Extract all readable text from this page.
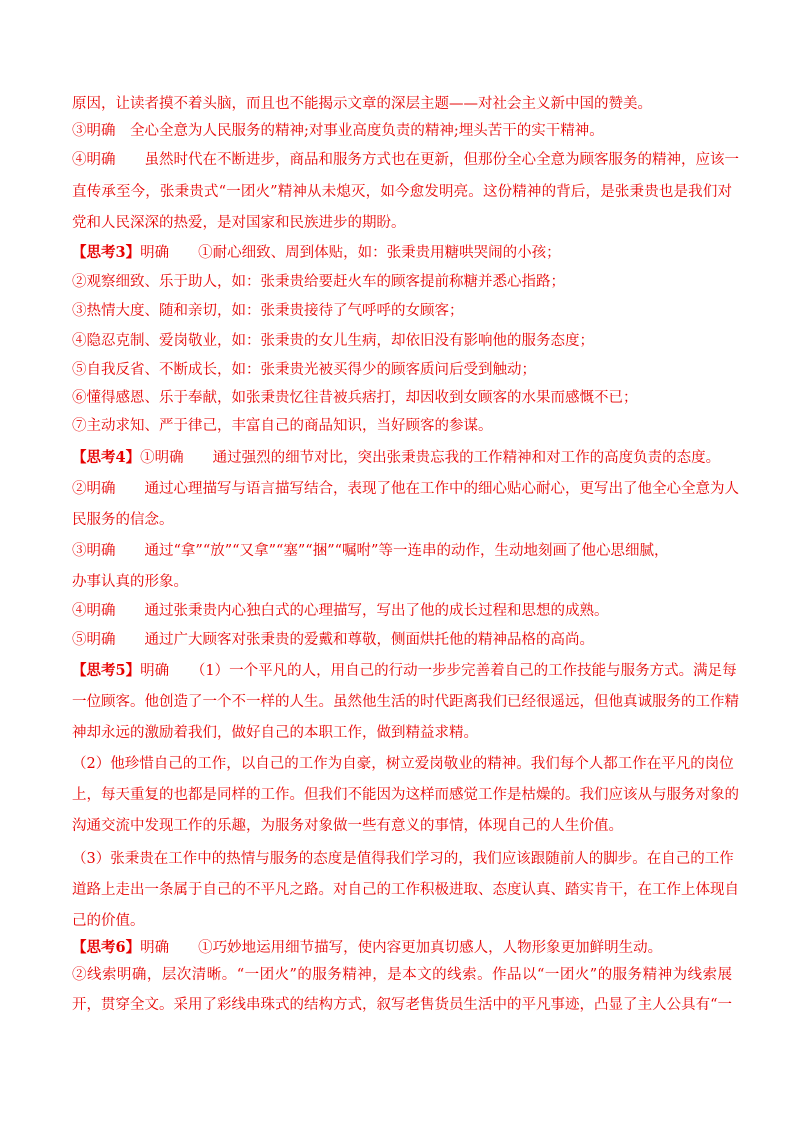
原因，让读者摸不着头脑，而且也不能揭示文章的深层主题——对社会主义新中国的赞美。
③明确　全心全意为人民服务的精神;对事业高度负责的精神;埋头苦干的实干精神。
④明确　　虽然时代在不断进步，商品和服务方式也在更新，但那份全心全意为顾客服务的精神，应该一
直传承至今，张秉贵式“一团火”精神从未熄灭，如今愈发明亮。这份精神的背后，是张秉贵也是我们对
党和人民深深的热爱，是对国家和民族进步的期盼。
【思考3】明确　　①耐心细致、周到体贴，如：张秉贵用糖哄哭闹的小孩；
②观察细致、乐于助人，如：张秉贵给要赶火车的顾客提前称糖并悉心指路；
③热情大度、随和亲切，如：张秉贵接待了气呼呼的女顾客；
④隐忍克制、爱岗敬业，如：张秉贵的女儿生病，却依旧没有影响他的服务态度；
⑤自我反省、不断成长，如：张秉贵光被买得少的顾客质问后受到触动；
⑥懂得感恩、乐于奉献，如张秉贵忆往昔被兵痞打，却因收到女顾客的水果而感慨不已；
⑦主动求知、严于律己，丰富自己的商品知识，当好顾客的参谋。
【思考4】①明确　　通过强烈的细节对比，突出张秉贵忘我的工作精神和对工作的高度负责的态度。
②明确　　通过心理描写与语言描写结合，表现了他在工作中的细心贴心耐心，更写出了他全心全意为人
民服务的信念。
③明确　　通过“拿”“放”“又拿”“塞”“捆”“嘱咐”等一连串的动作，生动地刻画了他心思细腻，
办事认真的形象。
④明确　　通过张秉贵内心独白式的心理描写，写出了他的成长过程和思想的成熟。
⑤明确　　通过广大顾客对张秉贵的爱戴和尊敬，侧面烘托他的精神品格的高尚。
【思考5】明确　　（1）一个平凡的人，用自己的行动一步步完善着自己的工作技能与服务方式。满足每
一位顾客。他创造了一个不一样的人生。虽然他生活的时代距离我们已经很遥远，但他真诚服务的工作精
神却永远的激励着我们，做好自己的本职工作，做到精益求精。
（2）他珍惜自己的工作，以自己的工作为自豪，树立爱岗敬业的精神。我们每个人都工作在平凡的岗位
上，每天重复的也都是同样的工作。但我们不能因为这样而感觉工作是枯燥的。我们应该从与服务对象的
沟通交流中发现工作的乐趣，为服务对象做一些有意义的事情，体现自己的人生价值。
（3）张秉贵在工作中的热情与服务的态度是值得我们学习的，我们应该跟随前人的脚步。在自己的工作
道路上走出一条属于自己的不平凡之路。对自己的工作积极进取、态度认真、踏实肯干，在工作上体现自
己的价值。
【思考6】明确　　①巧妙地运用细节描写，使内容更加真切感人，人物形象更加鲜明生动。
②线索明确，层次清晰。“一团火”的服务精神，是本文的线索。作品以“一团火”的服务精神为线索展
开，贯穿全文。采用了彩线串珠式的结构方式，叙写老售货员生活中的平凡事迹，凸显了主人公具有“一
